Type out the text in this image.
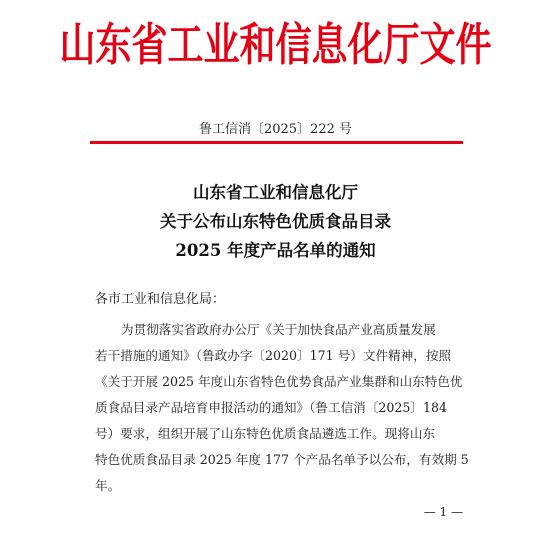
山东省工业和信息化厅文件
鲁工信消〔2025〕222 号
山东省工业和信息化厅
关于公布山东特色优质食品目录
2025 年度产品名单的通知
各市工业和信息化局：
为贯彻落实省政府办公厅《关于加快食品产业高质量发展
若干措施的通知》（鲁政办字〔2020〕171 号）文件精神，按照
《关于开展 2025 年度山东省特色优势食品产业集群和山东特色优
质食品目录产品培育申报活动的通知》（鲁工信消〔2025〕184
号）要求，组织开展了山东特色优质食品遴选工作。现将山东
特色优质食品目录 2025 年度 177 个产品名单予以公布，有效期 5
年。
— 1 —
